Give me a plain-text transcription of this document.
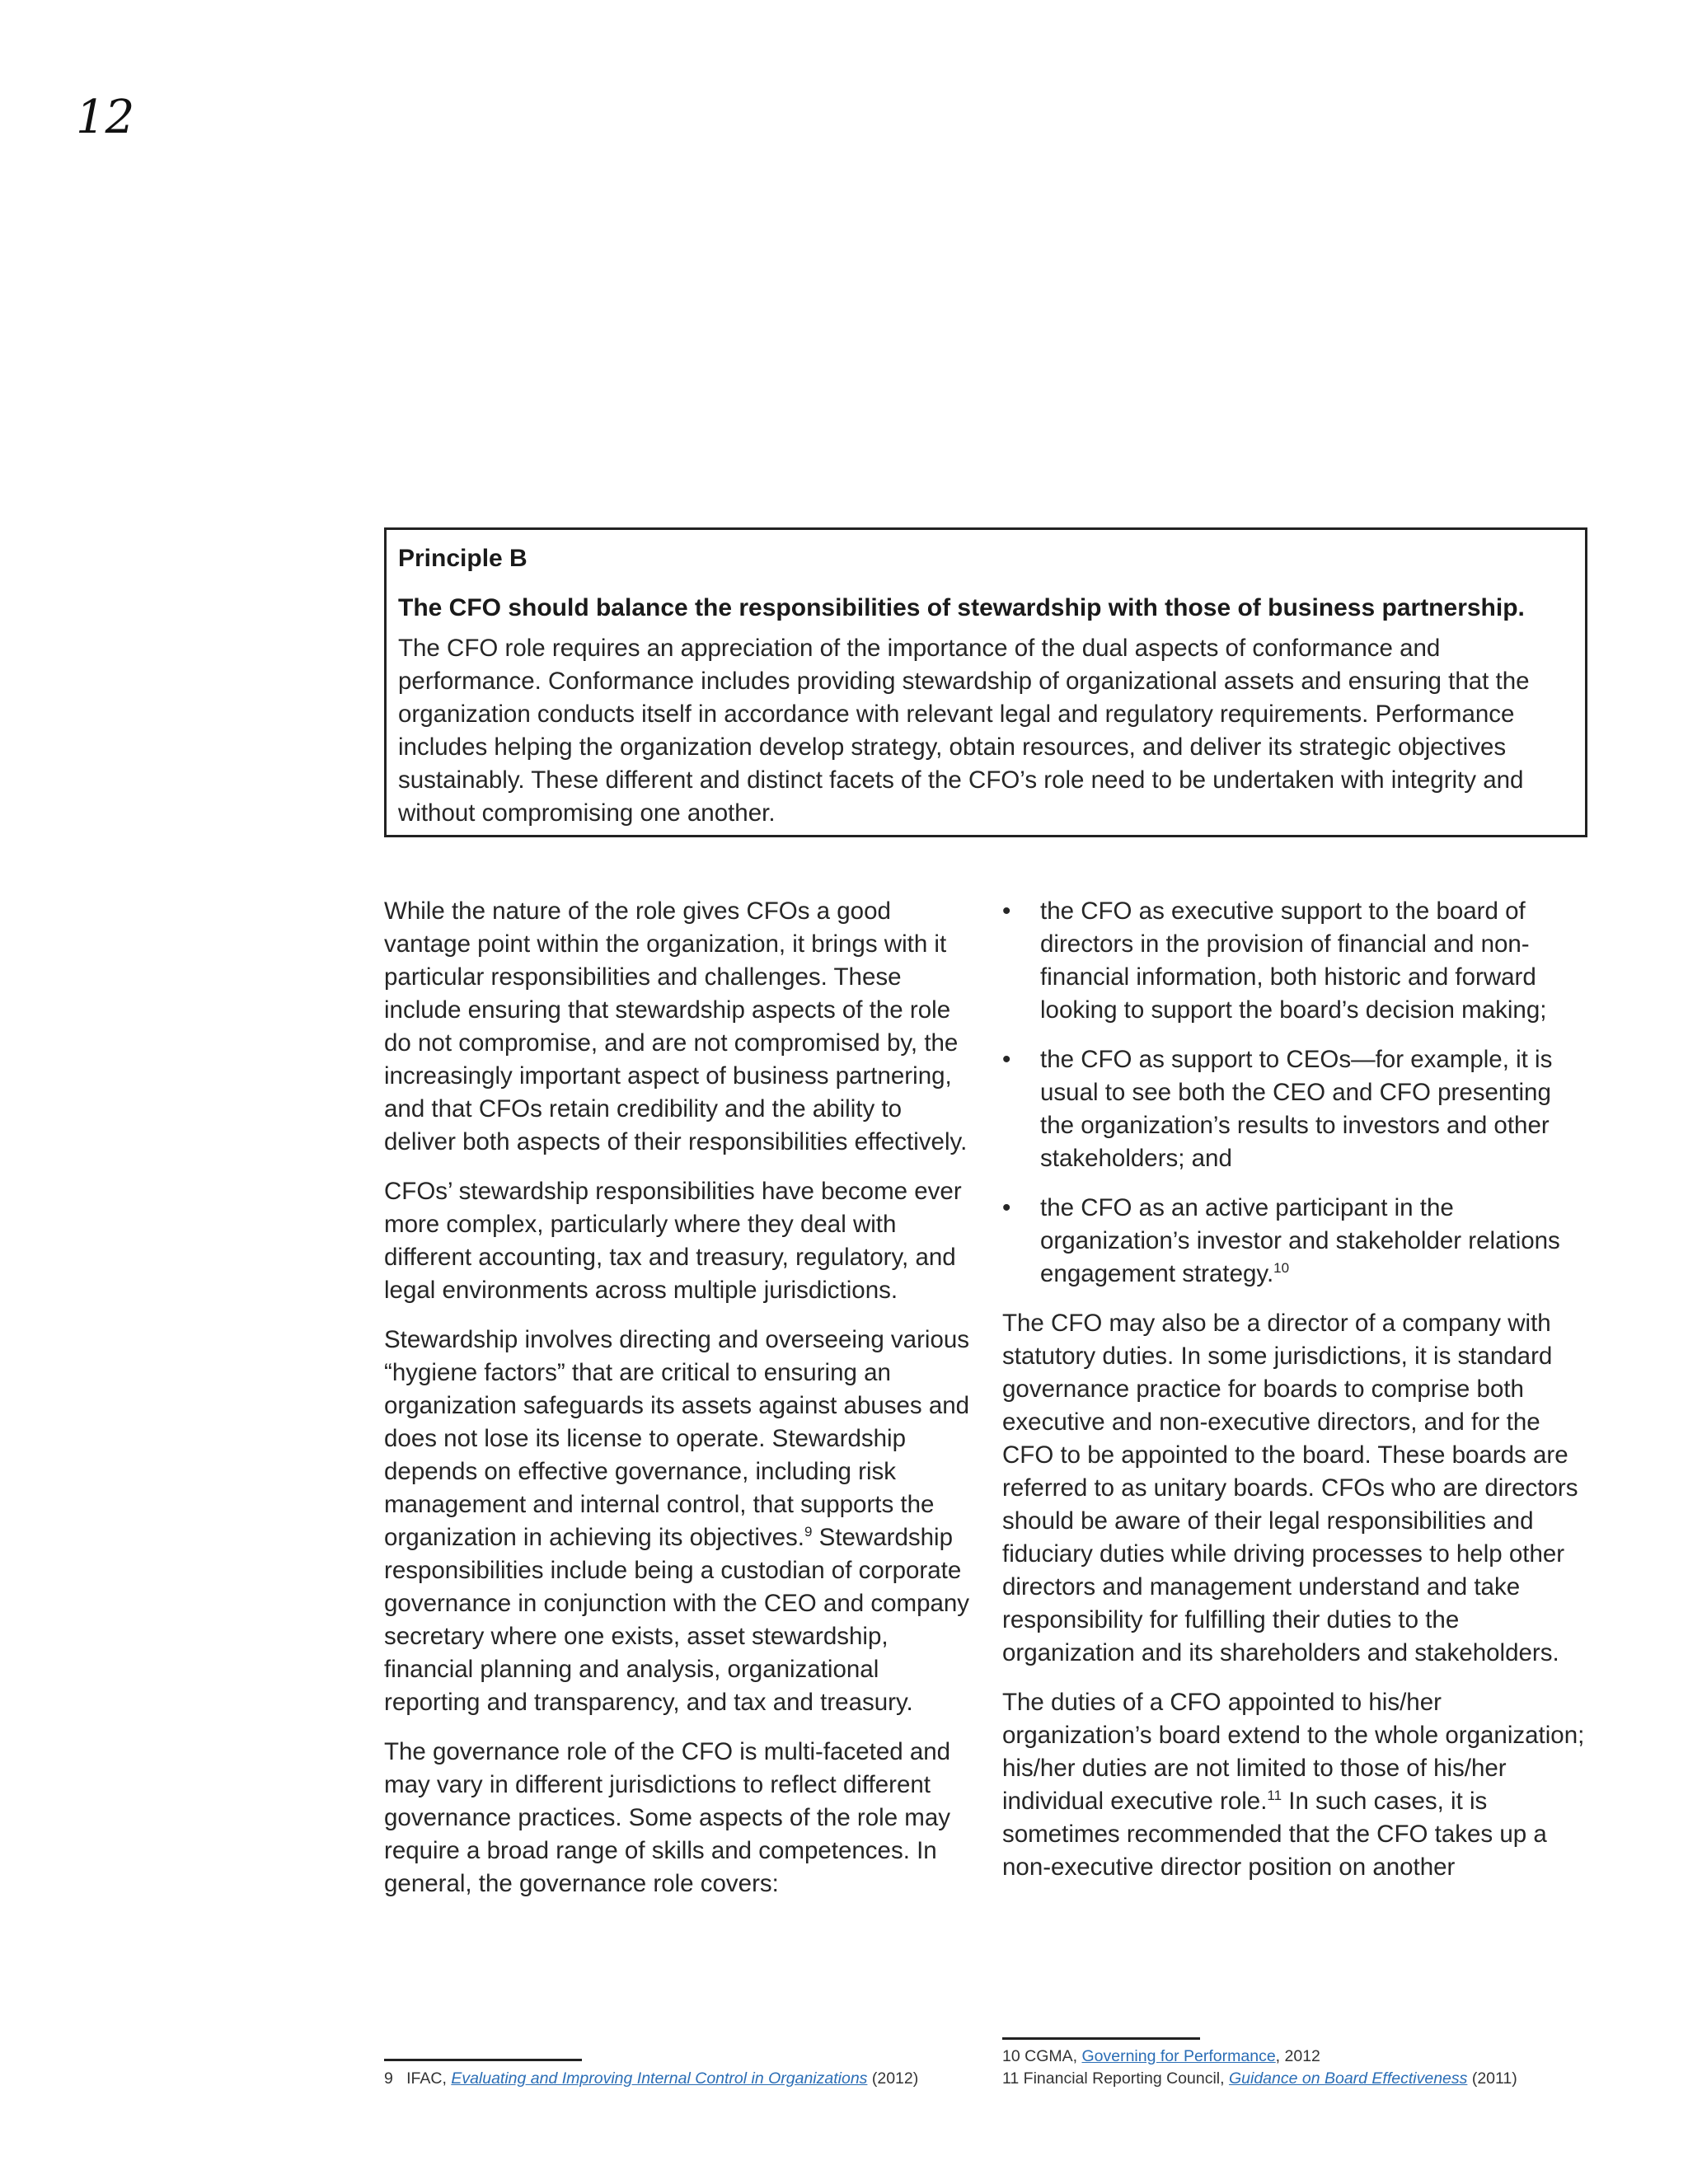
12

Principle B

The CFO should balance the responsibilities of stewardship with those of business partnership.

The CFO role requires an appreciation of the importance of the dual aspects of conformance and performance. Conformance includes providing stewardship of organizational assets and ensuring that the organization conducts itself in accordance with relevant legal and regulatory requirements. Performance includes helping the organization develop strategy, obtain resources, and deliver its strategic objectives sustainably. These different and distinct facets of the CFO’s role need to be undertaken with integrity and without compromising one another.

While the nature of the role gives CFOs a good vantage point within the organization, it brings with it particular responsibilities and challenges. These include ensuring that stewardship aspects of the role do not compromise, and are not compromised by, the increasingly important aspect of business partnering, and that CFOs retain credibility and the ability to deliver both aspects of their responsibilities effectively.

CFOs’ stewardship responsibilities have become ever more complex, particularly where they deal with different accounting, tax and treasury, regulatory, and legal environments across multiple jurisdictions.

Stewardship involves directing and overseeing various “hygiene factors” that are critical to ensuring an organization safeguards its assets against abuses and does not lose its license to operate. Stewardship depends on effective governance, including risk management and internal control, that supports the organization in achieving its objectives.$^9$ Stewardship responsibilities include being a custodian of corporate governance in conjunction with the CEO and company secretary where one exists, asset stewardship, financial planning and analysis, organizational reporting and transparency, and tax and treasury.

The governance role of the CFO is multi-faceted and may vary in different jurisdictions to reflect different governance practices. Some aspects of the role may require a broad range of skills and competences. In general, the governance role covers:

• the CFO as executive support to the board of directors in the provision of financial and non-financial information, both historic and forward looking to support the board’s decision making;
• the CFO as support to CEOs—for example, it is usual to see both the CEO and CFO presenting the organization’s results to investors and other stakeholders; and
• the CFO as an active participant in the organization’s investor and stakeholder relations engagement strategy.$^{10}$

The CFO may also be a director of a company with statutory duties. In some jurisdictions, it is standard governance practice for boards to comprise both executive and non-executive directors, and for the CFO to be appointed to the board. These boards are referred to as unitary boards. CFOs who are directors should be aware of their legal responsibilities and fiduciary duties while driving processes to help other directors and management understand and take responsibility for fulfilling their duties to the organization and its shareholders and stakeholders.

The duties of a CFO appointed to his/her organization’s board extend to the whole organization; his/her duties are not limited to those of his/her individual executive role.$^{11}$ In such cases, it is sometimes recommended that the CFO takes up a non-executive director position on another

9 IFAC, Evaluating and Improving Internal Control in Organizations (2012)

10 CGMA, Governing for Performance, 2012

11 Financial Reporting Council, Guidance on Board Effectiveness (2011)
